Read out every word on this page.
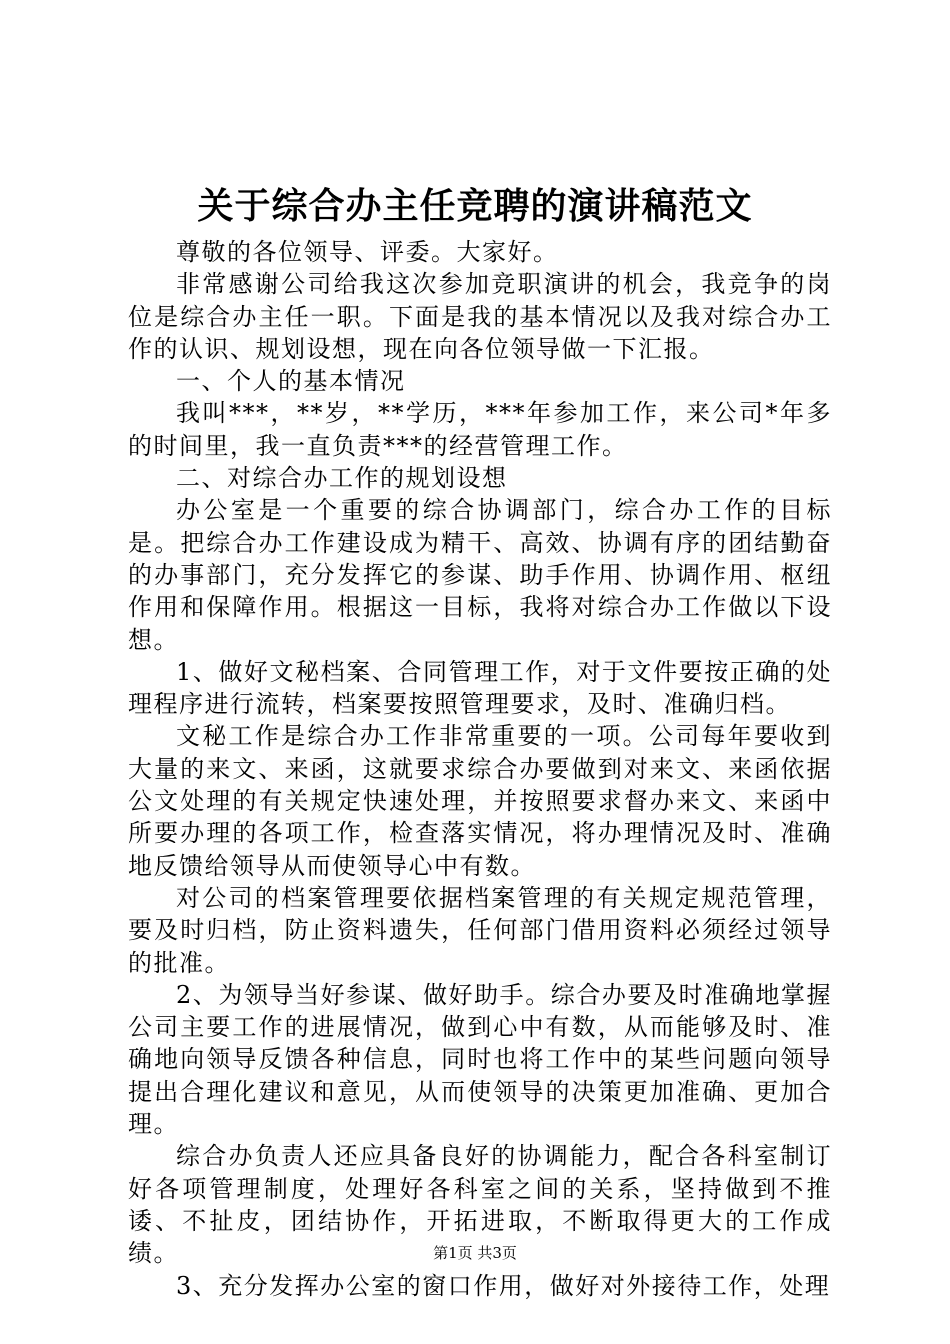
关于综合办主任竞聘的演讲稿范文

尊敬的各位领导、评委。大家好。

非常感谢公司给我这次参加竞职演讲的机会，我竞争的岗位是综合办主任一职。下面是我的基本情况以及我对综合办工作的认识、规划设想，现在向各位领导做一下汇报。

一、个人的基本情况

我叫***，**岁，**学历，***年参加工作，来公司*年多的时间里，我一直负责***的经营管理工作。

二、对综合办工作的规划设想

办公室是一个重要的综合协调部门，综合办工作的目标是。把综合办工作建设成为精干、高效、协调有序的团结勤奋的办事部门，充分发挥它的参谋、助手作用、协调作用、枢纽作用和保障作用。根据这一目标，我将对综合办工作做以下设想。

1、做好文秘档案、合同管理工作，对于文件要按正确的处理程序进行流转，档案要按照管理要求，及时、准确归档。

文秘工作是综合办工作非常重要的一项。公司每年要收到大量的来文、来函，这就要求综合办要做到对来文、来函依据公文处理的有关规定快速处理，并按照要求督办来文、来函中所要办理的各项工作，检查落实情况，将办理情况及时、准确地反馈给领导从而使领导心中有数。

对公司的档案管理要依据档案管理的有关规定规范管理，要及时归档，防止资料遗失，任何部门借用资料必须经过领导的批准。

2、为领导当好参谋、做好助手。综合办要及时准确地掌握公司主要工作的进展情况，做到心中有数，从而能够及时、准确地向领导反馈各种信息，同时也将工作中的某些问题向领导提出合理化建议和意见，从而使领导的决策更加准确、更加合理。

综合办负责人还应具备良好的协调能力，配合各科室制订好各项管理制度，处理好各科室之间的关系，坚持做到不推诿、不扯皮，团结协作，开拓进取，不断取得更大的工作成绩。

3、充分发挥办公室的窗口作用，做好对外接待工作，处理

第1页 共3页
